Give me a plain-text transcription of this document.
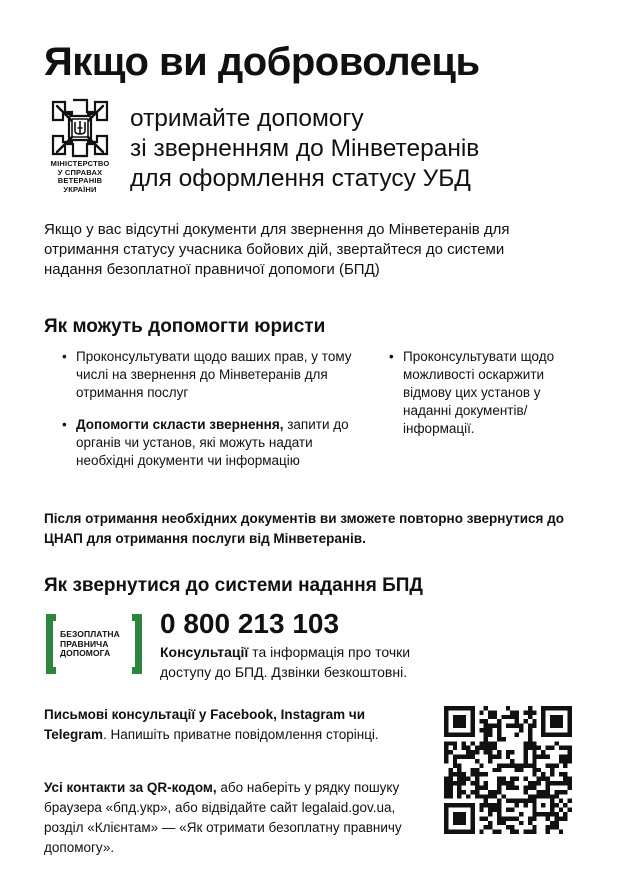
Якщо ви доброволець
МІНІСТЕРСТВО
У СПРАВАХ
ВЕТЕРАНІВ
УКРАЇНИ
отримайте допомогу
зі зверненням до Мінветеранів
для оформлення статусу УБД
Якщо у вас відсутні документи для звернення до Мінветеранів для отримання статусу учасника бойових дій, звертайтеся до системи надання безоплатної правничої допомоги (БПД)
Як можуть допомогти юристи
• Проконсультувати щодо ваших прав, у тому числі на звернення до Мінветеранів для отримання послуг
• Допомогти скласти звернення, запити до органів чи установ, які можуть надати необхідні документи чи інформацію
• Проконсультувати щодо можливості оскаржити відмову цих установ у наданні документів/інформації.
Після отримання необхідних документів ви зможете повторно звернутися до ЦНАП для отримання послуги від Мінветеранів.
Як звернутися до системи надання БПД
БЕЗОПЛАТНА
ПРАВНИЧА
ДОПОМОГА
0 800 213 103
Консультації та інформація про точки доступу до БПД. Дзвінки безкоштовні.
Письмові консультації у Facebook, Instagram чи Telegram. Напишіть приватне повідомлення сторінці.
Усі контакти за QR-кодом, або наберіть у рядку пошуку браузера «бпд.укр», або відвідайте сайт legalaid.gov.ua, розділ «Клієнтам» — «Як отримати безоплатну правничу допомогу».
